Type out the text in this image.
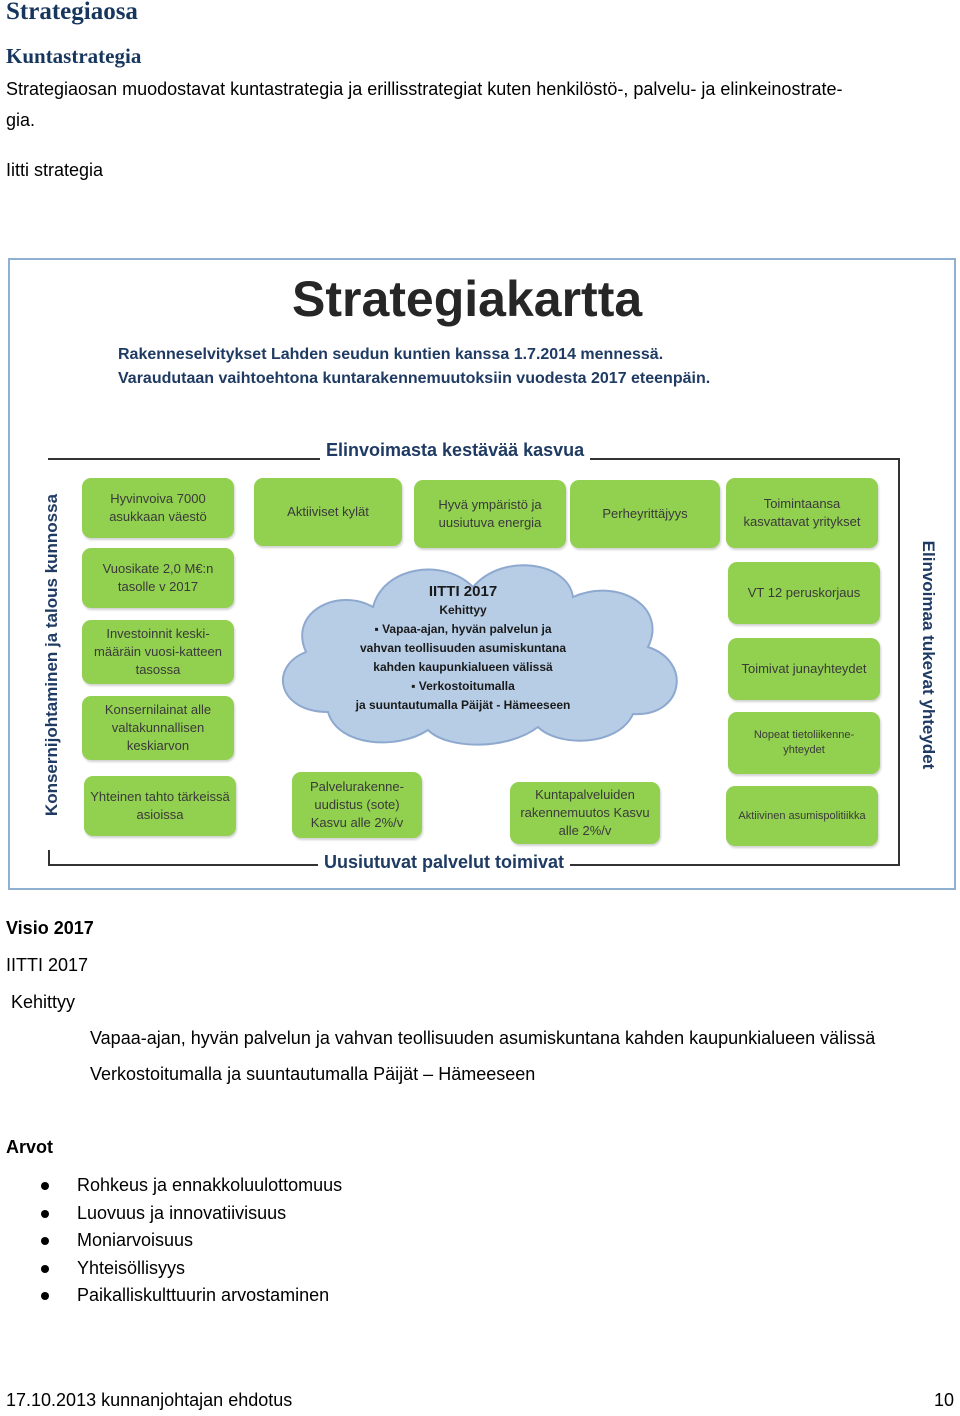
Strategiaosa
Kuntastrategia
Strategiaosan muodostavat kuntastrategia ja erillisstrategiat kuten henkilöstö-, palvelu- ja elinkeinostrate-
gia.
Iitti strategia
Strategiakartta
Rakenneselvitykset Lahden seudun kuntien kanssa 1.7.2014 mennessä.
Varaudutaan vaihtoehtona kuntarakennemuutoksiin vuodesta 2017 eteenpäin.
Elinvoimasta kestävää kasvua
Uusiutuvat palvelut toimivat
Konsernijohtaminen ja talous kunnossa	Elinvoimaa tukevat yhteydet
Hyvinvoiva 7000 asukkaan väestö
Vuosikate 2,0 M€:n tasolle v 2017
Investoinnit keski-määräin vuosi-katteen tasossa
Konsernilainat alle valtakunnallisen keskiarvon
Yhteinen tahto tärkeissä asioissa
Aktiiviset kylät	Hyvä ympäristö ja uusiutuva energia
Perheyrittäjyys
Toimintaansa kasvattavat yritykset
VT 12 peruskorjaus
Toimivat junayhteydet
Nopeat tietoliikenne-yhteydet
Aktiivinen asumispolitiikka
Palvelurakenne-uudistus (sote) Kasvu alle 2%/v
Kuntapalveluiden rakennemuutos Kasvu alle 2%/v
IITTI 2017
Kehittyy
▪ Vapaa-ajan, hyvän palvelun ja
vahvan teollisuuden asumiskuntana
kahden kaupunkialueen välissä
▪ Verkostoitumalla
ja suuntautumalla Päijät - Hämeeseen
Visio 2017
IITTI 2017
Kehittyy
Vapaa-ajan, hyvän palvelun ja vahvan teollisuuden asumiskuntana kahden kaupunkialueen välissä
Verkostoitumalla ja suuntautumalla Päijät – Hämeeseen
Arvot
Rohkeus ja ennakkoluulottomuus
Luovuus ja innovatiivisuus
Moniarvoisuus
Yhteisöllisyys
Paikalliskulttuurin arvostaminen
17.10.2013 kunnanjohtajan ehdotus	10
